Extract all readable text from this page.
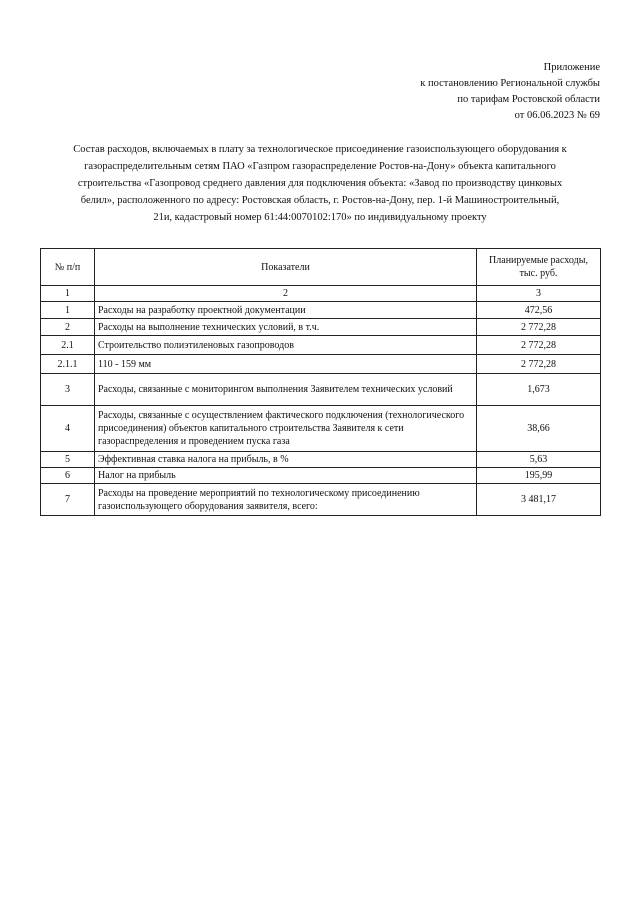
Приложение
к постановлению Региональной службы
по тарифам Ростовской области
от 06.06.2023 № 69
Состав расходов, включаемых в плату за технологическое присоединение газоиспользующего оборудования к
газораспределительным сетям ПАО «Газпром газораспределение Ростов-на-Дону» объекта капитального
строительства «Газопровод среднего давления для подключения объекта: «Завод по производству цинковых
белил», расположенного по адресу: Ростовская область, г. Ростов-на-Дону, пер. 1-й Машиностроительный,
21и, кадастровый номер 61:44:0070102:170» по индивидуальному проекту
№ п/п	Показатели	Планируемые расходы,
тыс. руб.

1	2	3
1	Расходы на разработку проектной документации	472,56
2	Расходы на выполнение технических условий, в т.ч.	2 772,28
2.1	Строительство полиэтиленовых газопроводов	2 772,28
2.1.1	110 - 159 мм	2 772,28
3	Расходы, связанные с мониторингом выполнения Заявителем технических условий	1,673
4	Расходы, связанные с осуществлением фактического подключения (технологического присоединения) объектов капитального строительства Заявителя к сети газораспределения и проведением пуска газа	38,66
5	Эффективная ставка налога на прибыль, в %	5,63
6	Налог на прибыль	195,99
7	Расходы на проведение мероприятий по технологическому присоединению газоиспользующего оборудования заявителя, всего:	3 481,17
